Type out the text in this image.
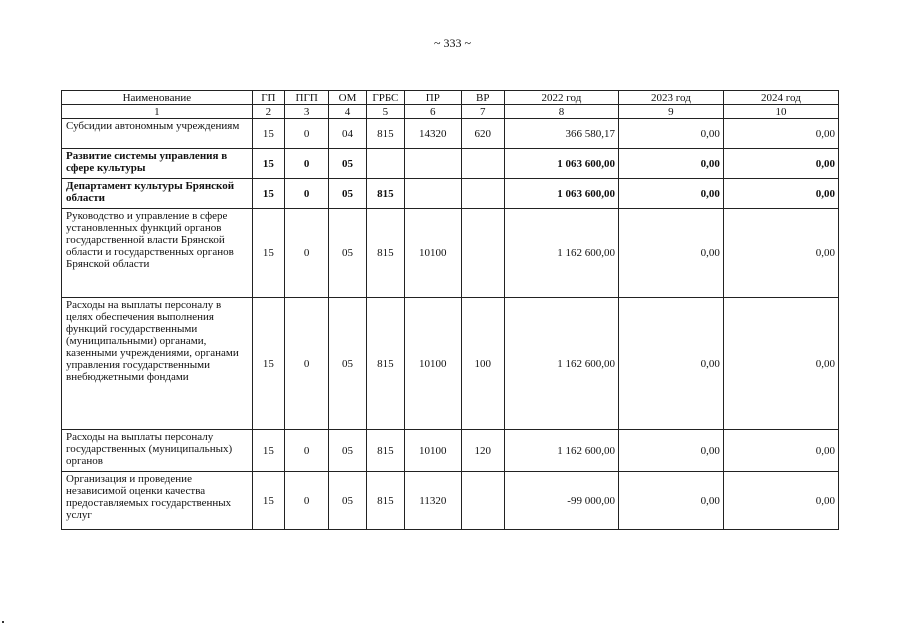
~ 333 ~
Наименование	ГП	ПГП	ОМ	ГРБС	ПР	ВР	2022 год	2023 год	2024 год
1	2	3	4	5	6	7	8	9	10
Субсидии автономным учреждениям	15	0	04	815	14320	620	366 580,17	0,00	0,00
Развитие системы управления в сфере культуры	15	0	05				1 063 600,00	0,00	0,00
Департамент культуры Брянской области	15	0	05	815			1 063 600,00	0,00	0,00
Руководство и управление в сфере установленных функций органов государственной власти Брянской области и государственных органов Брянской области	15	0	05	815	10100		1 162 600,00	0,00	0,00
Расходы на выплаты персоналу в целях обеспечения выполнения функций государственными (муниципальными) органами, казенными учреждениями, органами управления государственными внебюджетными фондами	15	0	05	815	10100	100	1 162 600,00	0,00	0,00
Расходы на выплаты персоналу государственных (муниципальных) органов	15	0	05	815	10100	120	1 162 600,00	0,00	0,00
Организация и проведение независимой оценки качества предоставляемых государственных услуг	15	0	05	815	11320		-99 000,00	0,00	0,00
